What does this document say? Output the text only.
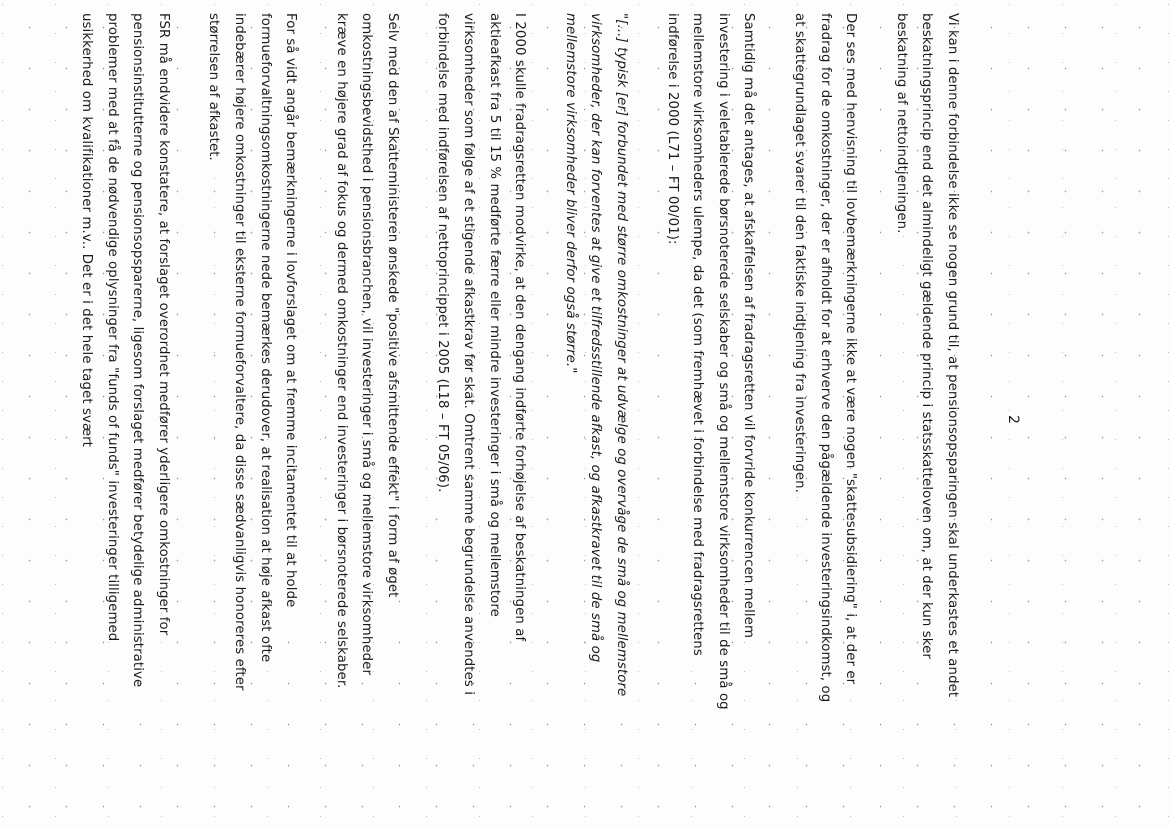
2

Vi kan i denne forbindelse ikke se nogen grund til, at pensionsopsparingen skal underkastes et andet beskatningsprincip end det almindeligt gældende princip i statsskatteloven om, at der kun sker beskatning af nettoindtjeningen.

Der ses med henvisning til lovbemærkningerne ikke at være nogen "skattesubsidiering" i, at der er fradrag for de omkostninger, der er afholdt for at erhverve den pågældende investeringsindkomst, og at skattegrundlaget svarer til den faktiske indtjening fra investeringen.

Samtidig må det antages, at afskaffelsen af fradragsretten vil forvride konkurrencen mellem investering i veletablerede børsnoterede selskaber og små og mellemstore virksomheder til de små og mellemstore virksomheders ulempe, da det (som fremhævet i forbindelse med fradragsrettens indførelse i 2000 (L71 – FT 00/01):

"[...] typisk [er] forbundet med større omkostninger at udvælge og overvåge de små og mellemstore virksomheder, der kan forventes at give et tilfredsstillende afkast, og afkastkravet til de små og mellemstore virksomheder bliver derfor også større."

I 2000 skulle fradragsretten modvirke, at den dengang indførte forhøjelse af beskatningen af aktieafkast fra 5 til 15 % medførte færre eller mindre investeringer i små og mellemstore virksomheder som følge af et stigende afkastkrav før skat. Omtrent samme begrundelse anvendtes i forbindelse med indførelsen af nettoprincippet i 2005 (L18 – FT 05/06).

Selv med den af Skatteministeren ønskede "positive afsmittende effekt" i form af øget omkostningsbevidsthed i pensionsbranchen, vil investeringer i små og mellemstore virksomheder kræve en højere grad af fokus og dermed omkostninger end investeringer i børsnoterede selskaber.

For så vidt angår bemærkningerne i lovforslaget om at fremme incitamentet til at holde formueforvaltningsomkostningerne nede bemærkes derudover, at realisation at høje afkast ofte indebærer højere omkostninger til eksterne formueforvaltere, da disse sædvanligvis honoreres efter størrelsen af afkastet.

FSR må endvidere konstatere, at forslaget overordnet medfører yderligere omkostninger for pensionsinstitutterne og pensionsopsparerne, ligesom forslaget medfører betydelige administrative problemer med at få de nødvendige oplysninger fra "funds of funds" investeringer tilligemed usikkerhed om kvalifikationer m.v.. Det er i det hele taget svært
